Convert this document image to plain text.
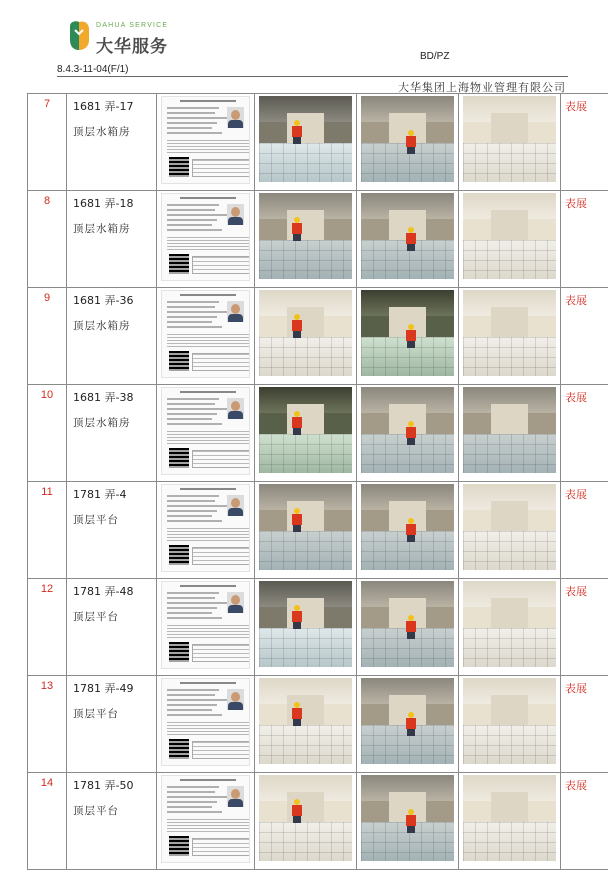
DAHUA SERVICE
大华服务	BD/PZ
8.4.3-11-04(F/1)
大华集团上海物业管理有限公司
7	1681 弄-17
顶层水箱房					表展
8	1681 弄-18
顶层水箱房					表展
9	1681 弄-36
顶层水箱房					表展
10	1681 弄-38
顶层水箱房					表展
11	1781 弄-4
顶层平台					表展
12	1781 弄-48
顶层平台					表展
13	1781 弄-49
顶层平台					表展
14	1781 弄-50
顶层平台					表展
